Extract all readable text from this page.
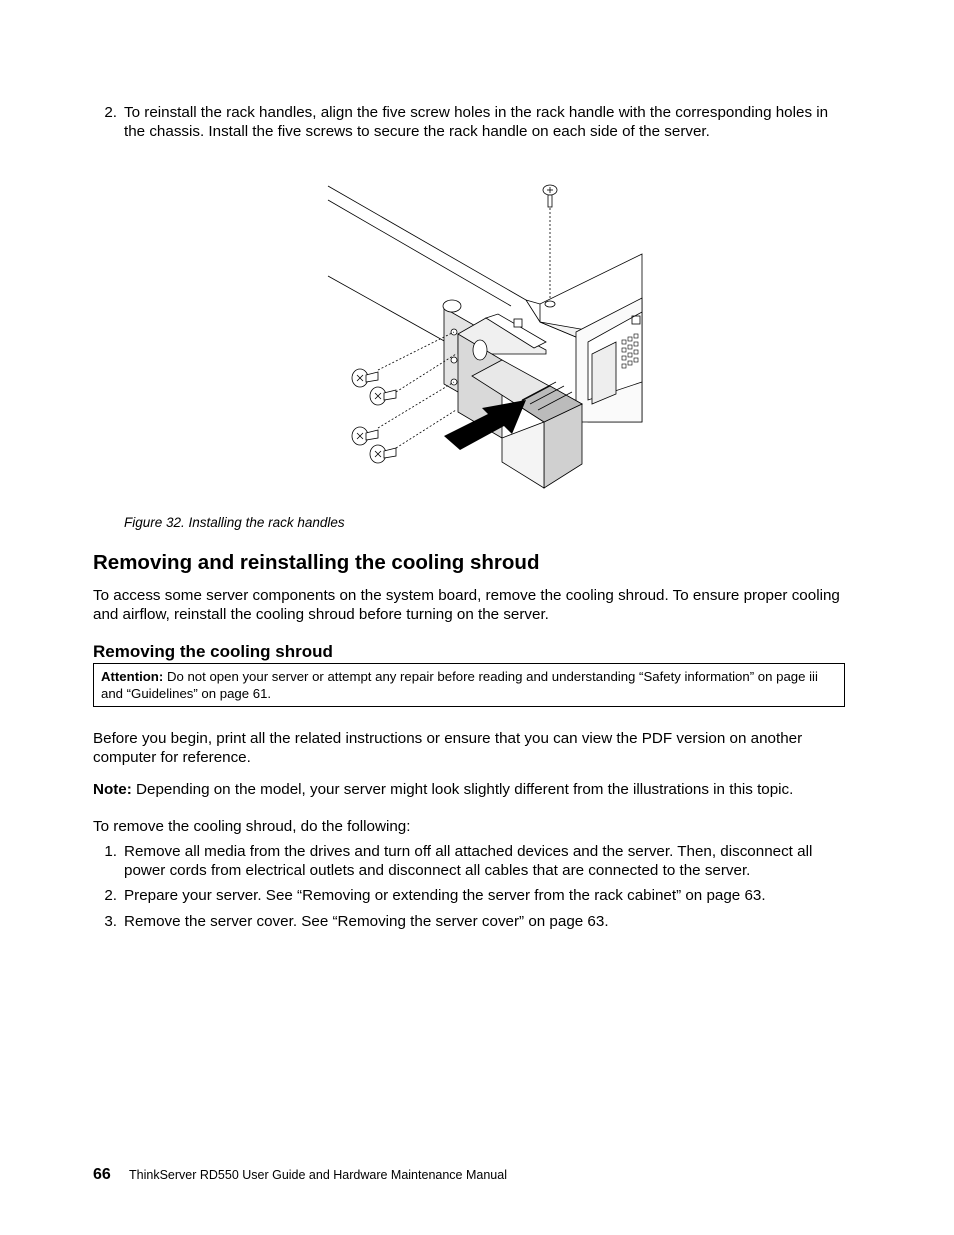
2. To reinstall the rack handles, align the five screw holes in the rack handle with the corresponding holes in the chassis. Install the five screws to secure the rack handle on each side of the server.
Figure 32. Installing the rack handles
Removing and reinstalling the cooling shroud
To access some server components on the system board, remove the cooling shroud. To ensure proper cooling and airflow, reinstall the cooling shroud before turning on the server.
Removing the cooling shroud
Attention: Do not open your server or attempt any repair before reading and understanding “Safety information” on page iii and “Guidelines” on page 61.
Before you begin, print all the related instructions or ensure that you can view the PDF version on another computer for reference.
Note: Depending on the model, your server might look slightly different from the illustrations in this topic.
To remove the cooling shroud, do the following:
1. Remove all media from the drives and turn off all attached devices and the server. Then, disconnect all power cords from electrical outlets and disconnect all cables that are connected to the server.
2. Prepare your server. See “Removing or extending the server from the rack cabinet” on page 63.
3. Remove the server cover. See “Removing the server cover” on page 63.
66 ThinkServer RD550 User Guide and Hardware Maintenance Manual
